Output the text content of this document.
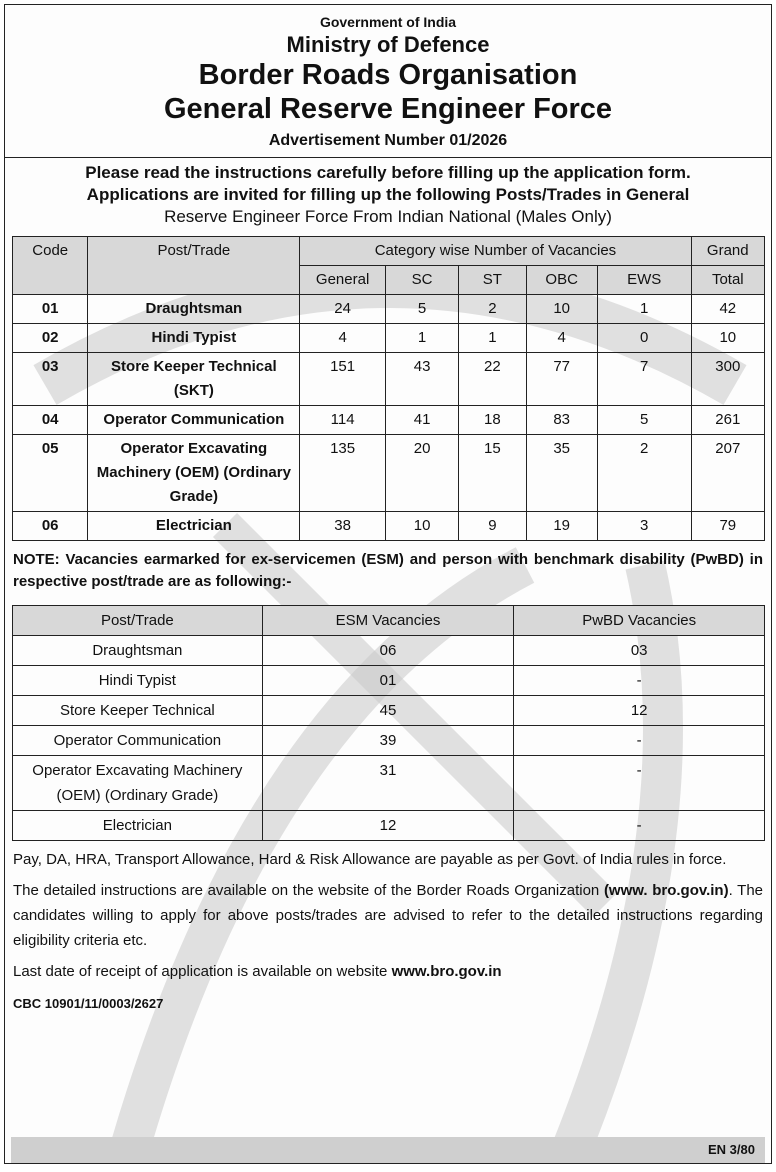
Government of India
Ministry of Defence
Border Roads Organisation
General Reserve Engineer Force
Advertisement Number 01/2026
Please read the instructions carefully before filling up the application form.
Applications are invited for filling up the following Posts/Trades in General
Reserve Engineer Force From Indian National (Males Only)
Code	Post/Trade	Category wise Number of Vacancies					Grand
		General	SC	ST	OBC	EWS	Total
01	Draughtsman	24	5	2	10	1	42
02	Hindi Typist	4	1	1	4	0	10
03	Store Keeper Technical (SKT)	151	43	22	77	7	300
04	Operator Communication	114	41	18	83	5	261
05	Operator Excavating Machinery (OEM) (Ordinary Grade)	135	20	15	35	2	207
06	Electrician	38	10	9	19	3	79
NOTE: Vacancies earmarked for ex-servicemen (ESM) and person with benchmark disability (PwBD) in respective post/trade are as following:-
Post/Trade	ESM Vacancies	PwBD Vacancies
Draughtsman	06	03
Hindi Typist	01	-
Store Keeper Technical	45	12
Operator Communication	39	-
Operator Excavating Machinery (OEM) (Ordinary Grade)	31	-
Electrician	12	-
Pay, DA, HRA, Transport Allowance, Hard & Risk Allowance are payable as per Govt. of India rules in force.
The detailed instructions are available on the website of the Border Roads Organization (www. bro.gov.in). The candidates willing to apply for above posts/trades are advised to refer to the detailed instructions regarding eligibility criteria etc.
Last date of receipt of application is available on website www.bro.gov.in
CBC 10901/11/0003/2627
EN 3/80
